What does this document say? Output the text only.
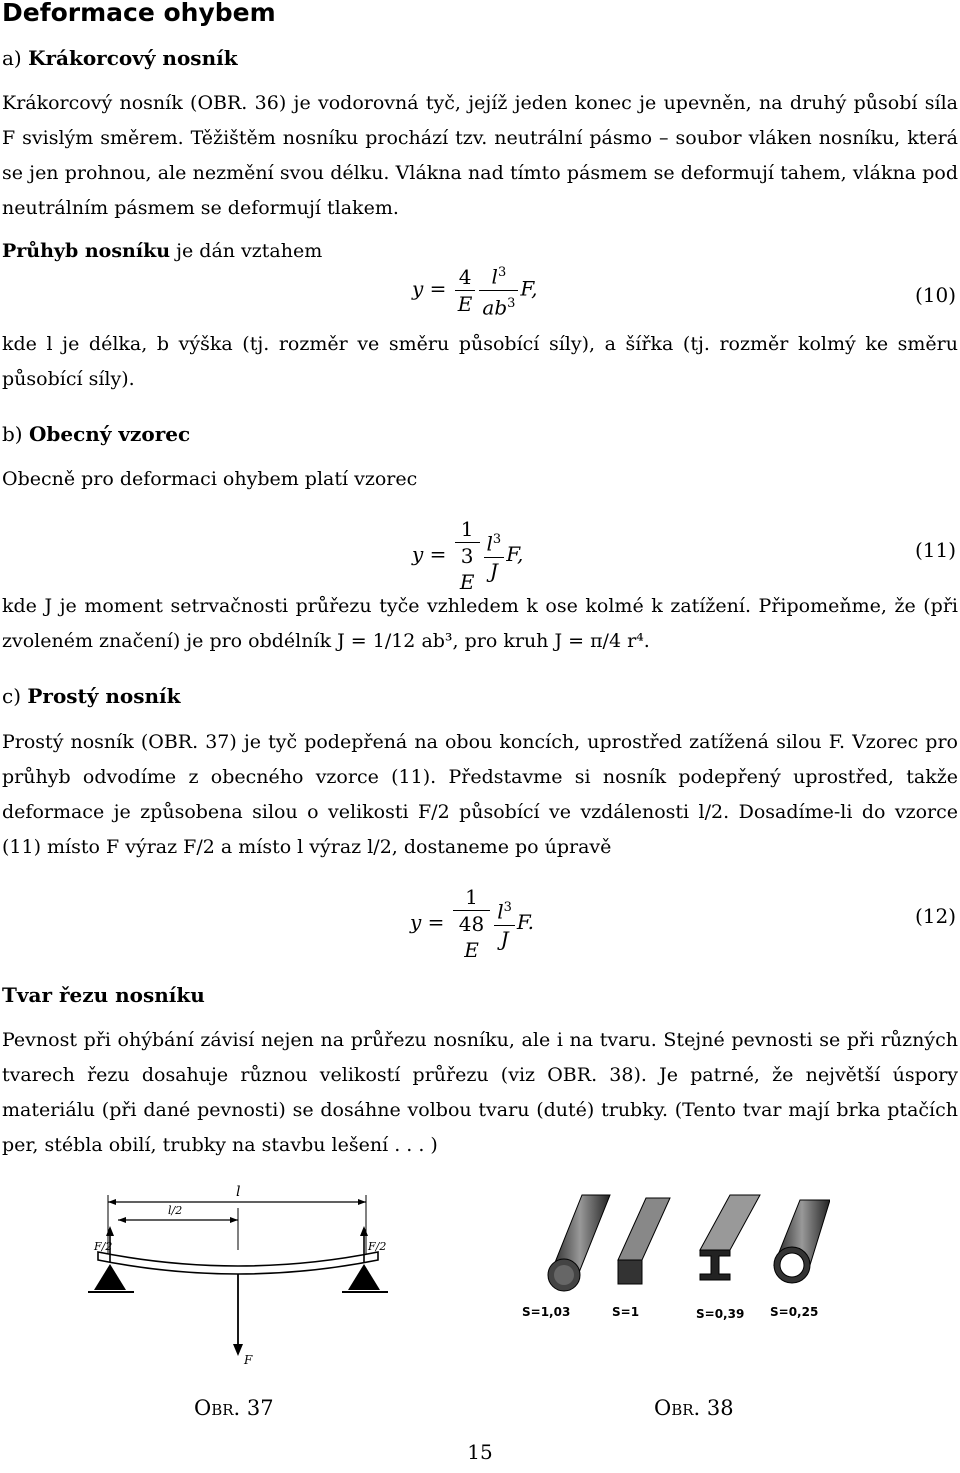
Deformace ohybem

a) Krákorcový nosník

Krákorcový nosník (OBR. 36) je vodorovná tyč, jejíž jeden konec je upevněn, na druhý působí síla F svislým směrem. Těžištěm nosníku prochází tzv. neutrální pásmo – soubor vláken nosníku, která se jen prohnou, ale nezmění svou délku. Vlákna nad tímto pásmem se deformují tahem, vlákna pod neutrálním pásmem se deformují tlakem.

Průhyb nosníku je dán vztahem

$y = \frac{4}{E} \frac{l^3}{ab^3} F$,	(10)

kde l je délka, b výška (tj. rozměr ve směru působící síly), a šířka (tj. rozměr kolmý ke směru působící síly).

b) Obecný vzorec

Obecně pro deformaci ohybem platí vzorec

y = 1
3
E $\frac{l^3}{J} F$,	(11)

kde J je moment setrvačnosti průřezu tyče vzhledem k ose kolmé k zatížení. Připomeňme, že (při zvoleném značení) je pro obdélník J = 1/12 ab³, pro kruh J = π/4 r⁴.

c) Prostý nosník

Prostý nosník (OBR. 37) je tyč podepřená na obou koncích, uprostřed zatížená silou F. Vzorec pro průhyb odvodíme z obecného vzorce (11). Představme si nosník podepřený uprostřed, takže deformace je způsobena silou o velikosti F/2 působící ve vzdálenosti l/2. Dosadíme-li do vzorce (11) místo F výraz F/2 a místo l výraz l/2, dostaneme po úpravě

y = 1
48
E $\frac{l^3}{J} F$.	(12)

Tvar řezu nosníku

Pevnost při ohýbání závisí nejen na průřezu nosníku, ale i na tvaru. Stejné pevnosti se při různých tvarech řezu dosahuje různou velikostí průřezu (viz OBR. 38). Je patrné, že největší úspory materiálu (při dané pevnosti) se dosáhne volbou tvaru (duté) trubky. (Tento tvar mají brka ptačích per, stébla obilí, trubky na stavbu lešení . . . )

l
l/2
F/2	F/2
F
S=1,03	S=1	S=0,39 S=0,25
Obr. 37	Obr. 38
15
